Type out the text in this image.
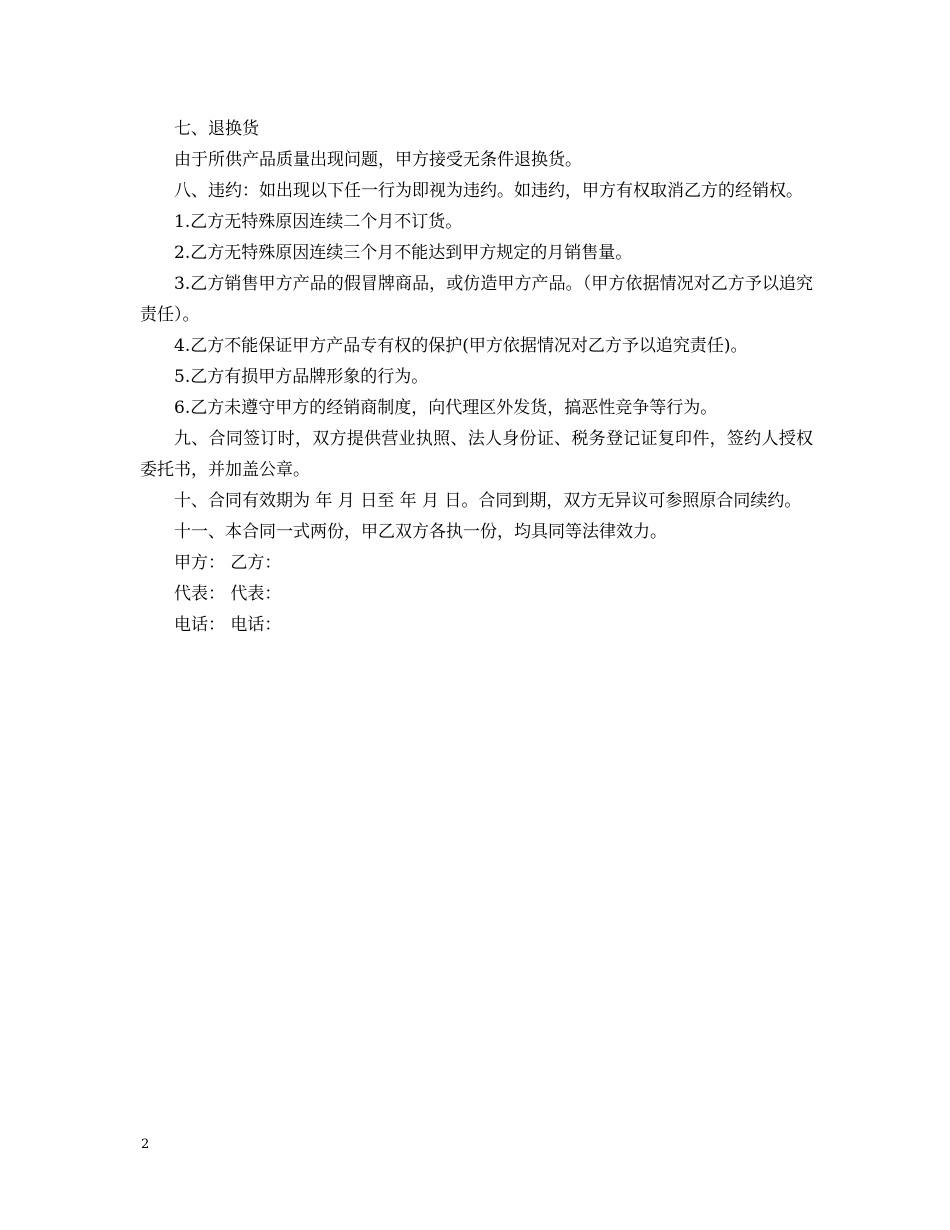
七、退换货

由于所供产品质量出现问题，甲方接受无条件退换货。

八、违约：如出现以下任一行为即视为违约。如违约，甲方有权取消乙方的经销权。

1.乙方无特殊原因连续二个月不订货。

2.乙方无特殊原因连续三个月不能达到甲方规定的月销售量。

3.乙方销售甲方产品的假冒牌商品，或仿造甲方产品。（甲方依据情况对乙方予以追究责任）。

4.乙方不能保证甲方产品专有权的保护(甲方依据情况对乙方予以追究责任)。

5.乙方有损甲方品牌形象的行为。

6.乙方未遵守甲方的经销商制度，向代理区外发货，搞恶性竞争等行为。

九、合同签订时，双方提供营业执照、法人身份证、税务登记证复印件，签约人授权委托书，并加盖公章。

十、合同有效期为 年 月 日至 年 月 日。合同到期，双方无异议可参照原合同续约。

十一、本合同一式两份，甲乙双方各执一份，均具同等法律效力。

甲方： 乙方：

代表： 代表：

电话： 电话：

2
